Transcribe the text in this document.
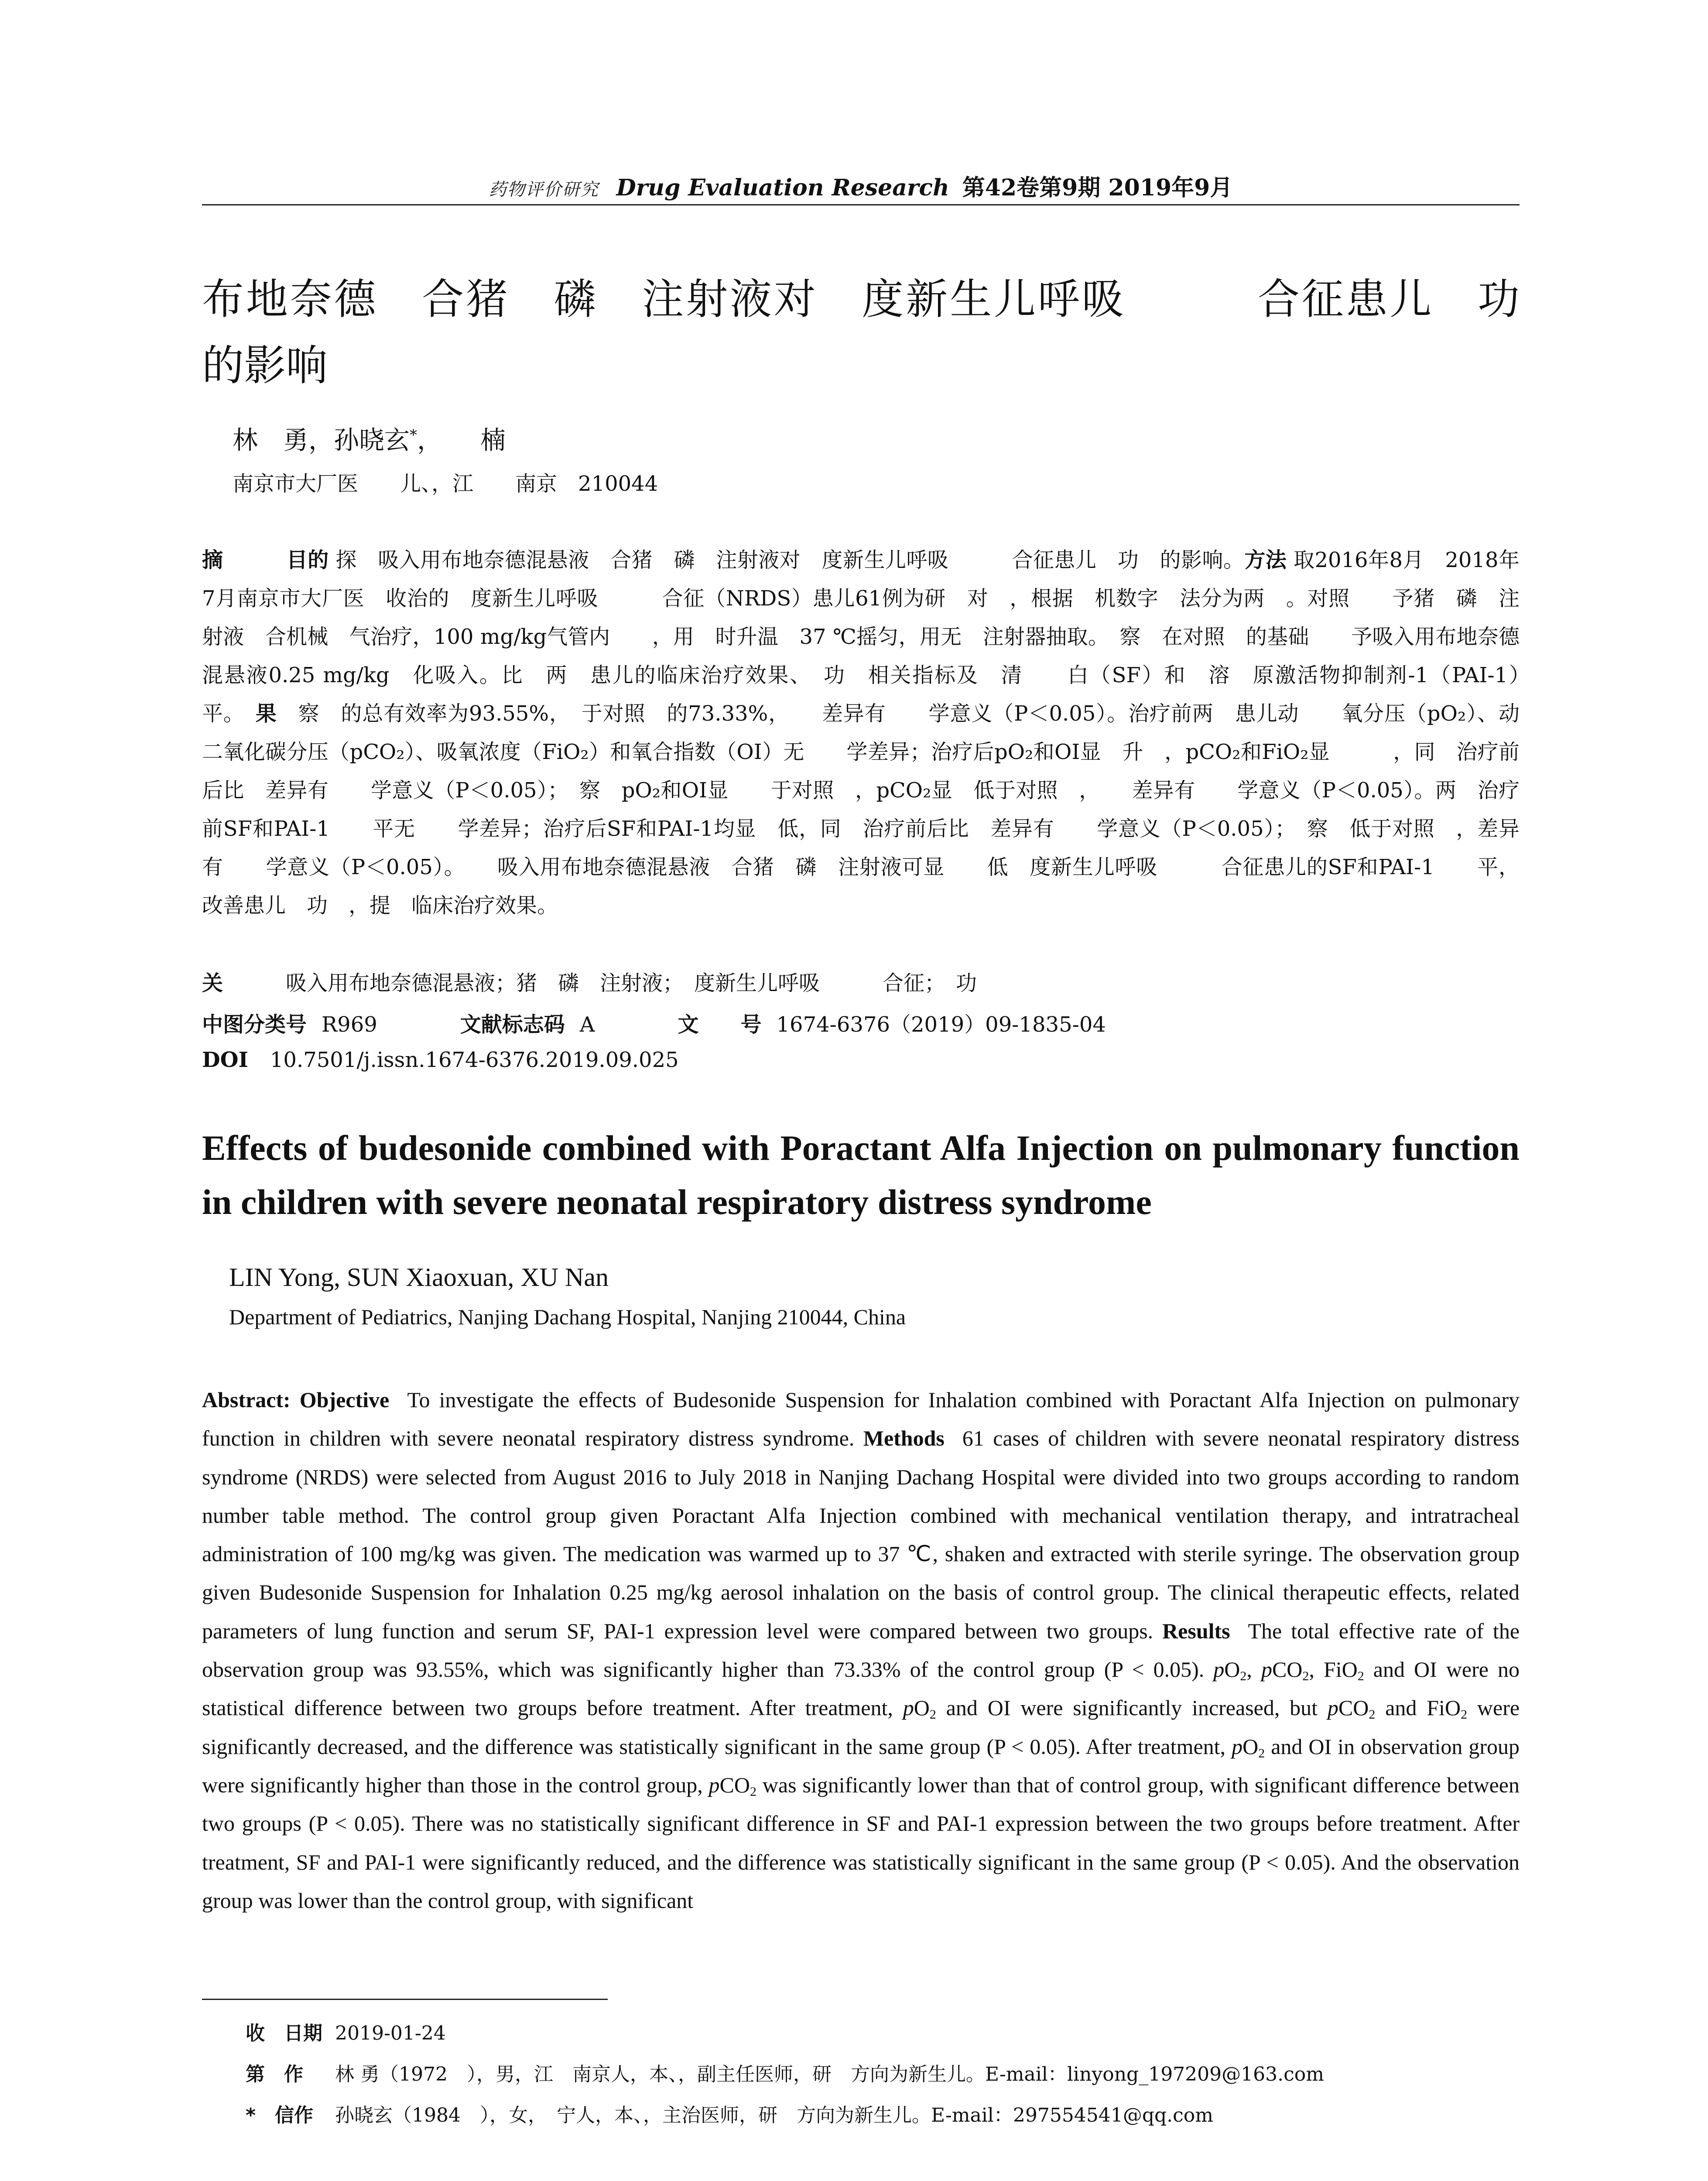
药物评价研究 Drug Evaluation Research 第42卷第9期 2019年9月
布地奈德　合猪　磷　注射液对　度新生儿呼吸　　　合征患儿　功　的影响
林　勇，孙晓玄*，　　楠
南京市大厂医　　儿、，江　　南京　210044
摘　　　目的 探　吸入用布地奈德混悬液　合猪　磷　注射液对　度新生儿呼吸　　　合征患儿　功　的影响。方法 取2016年8月　2018年7月南京市大厂医　收治的　度新生儿呼吸　　　合征（NRDS）患儿61例为研　对　，根据　机数字　法分为两　。对照　　予猪　磷　注射液　合机械　气治疗，100 mg/kg气管内　　，用　时升温　37 ℃摇匀，用无　注射器抽取。　察　在对照　的基础　　予吸入用布地奈德混悬液0.25 mg/kg　化吸入。比　两　患儿的临床治疗效果、　功　相关指标及　清　　白（SF）和　溶　原激活物抑制剂-1（PAI-1）　　　平。　 果　察　的总有效率为93.55%，　于对照　的73.33%，　　差异有　　学意义（P＜0.05）。治疗前两　患儿动　　氧分压（pO₂）、动　二氧化碳分压（pCO₂）、吸氧浓度（FiO₂）和氧合指数（OI）无　　学差异；治疗后pO₂和OI显　升　，pCO₂和FiO₂显　　　，同　治疗前后比　差异有　　学意义（P＜0.05）；　察　pO₂和OI显　　于对照　，pCO₂显　低于对照　，　　差异有　　学意义（P＜0.05）。两　治疗前SF和PAI-1　　平无　　学差异；治疗后SF和PAI-1均显　低，同　治疗前后比　差异有　　学意义（P＜0.05）；　察　低于对照　，差异有　　学意义（P＜0.05）。　　吸入用布地奈德混悬液　合猪　磷　注射液可显　　低　度新生儿呼吸　　　合征患儿的SF和PAI-1　　平，改善患儿　功　，提　临床治疗效果。
关　　　吸入用布地奈德混悬液；猪　磷　注射液；　度新生儿呼吸　　　合征；　功
中图分类号 R969	文献标志码 A	文　　号 1674-6376（2019）09-1835-04
DOI 10.7501/j.issn.1674-6376.2019.09.025
Effects of budesonide combined with Poractant Alfa Injection on pulmonary function in children with severe neonatal respiratory distress syndrome
LIN Yong, SUN Xiaoxuan, XU Nan
Department of Pediatrics, Nanjing Dachang Hospital, Nanjing 210044, China
Abstract: Objective To investigate the effects of Budesonide Suspension for Inhalation combined with Poractant Alfa Injection on pulmonary function in children with severe neonatal respiratory distress syndrome. Methods 61 cases of children with severe neonatal respiratory distress syndrome (NRDS) were selected from August 2016 to July 2018 in Nanjing Dachang Hospital were divided into two groups according to random number table method. The control group given Poractant Alfa Injection combined with mechanical ventilation therapy, and intratracheal administration of 100 mg/kg was given. The medication was warmed up to 37 ℃, shaken and extracted with sterile syringe. The observation group given Budesonide Suspension for Inhalation 0.25 mg/kg aerosol inhalation on the basis of control group. The clinical therapeutic effects, related parameters of lung function and serum SF, PAI-1 expression level were compared between two groups. Results The total effective rate of the observation group was 93.55%, which was significantly higher than 73.33% of the control group (P < 0.05). $pO_2$, pCO$_2$, FiO$_2$ and OI were no statistical difference between two groups before treatment. After treatment, $pO_2$ and OI were significantly increased, but pCO$_2$ and FiO$_2$ were significantly decreased, and the difference was statistically significant in the same group (P < 0.05). After treatment, $pO_2$ and OI in observation group were significantly higher than those in the control group, pCO$_2$ was significantly lower than that of control group, with significant difference between two groups (P < 0.05). There was no statistically significant difference in SF and PAI-1 expression between the two groups before treatment. After treatment, SF and PAI-1 were significantly reduced, and the difference was statistically significant in the same group (P < 0.05). And the observation group was lower than the control group, with significant
收　日期 2019-01-24
第　作 林 勇（1972　），男，江　南京人，本、，副主任医师，研　方向为新生儿。E-mail：linyong_197209@163.com
*　信作 孙晓玄（1984　），女，　宁人，本、，主治医师，研　方向为新生儿。E-mail：297554541@qq.com
